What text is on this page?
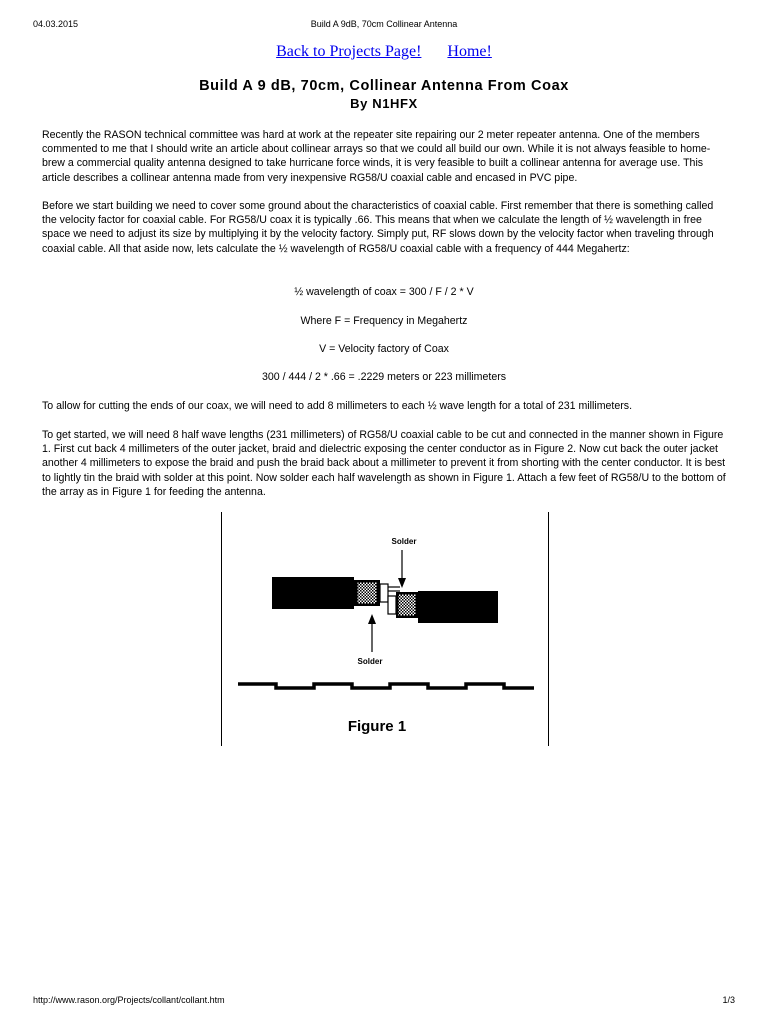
04.03.2015	Build A 9dB, 70cm Collinear Antenna
Back to Projects Page! Home!
Build A 9 dB, 70cm, Collinear Antenna From Coax
By N1HFX

Recently the RASON technical committee was hard at work at the repeater site repairing our 2 meter repeater antenna. One of the members commented to me that I should write an article about collinear arrays so that we could all build our own. While it is not always feasible to home-brew a commercial quality antenna designed to take hurricane force winds, it is very feasible to built a collinear antenna for average use. This article describes a collinear antenna made from very inexpensive RG58/U coaxial cable and encased in PVC pipe.

Before we start building we need to cover some ground about the characteristics of coaxial cable. First remember that there is something called the velocity factor for coaxial cable. For RG58/U coax it is typically .66. This means that when we calculate the length of ½ wavelength in free space we need to adjust its size by multiplying it by the velocity factory. Simply put, RF slows down by the velocity factor when traveling through coaxial cable. All that aside now, lets calculate the ½ wavelength of RG58/U coaxial cable with a frequency of 444 Megahertz:

½ wavelength of coax = 300 / F / 2 * V

Where F = Frequency in Megahertz

V = Velocity factory of Coax

300 / 444 / 2 * .66 = .2229 meters or 223 millimeters

To allow for cutting the ends of our coax, we will need to add 8 millimeters to each ½ wave length for a total of 231 millimeters.

To get started, we will need 8 half wave lengths (231 millimeters) of RG58/U coaxial cable to be cut and connected in the manner shown in Figure 1. First cut back 4 millimeters of the outer jacket, braid and dielectric exposing the center conductor as in Figure 2. Now cut back the outer jacket another 4 millimeters to expose the braid and push the braid back about a millimeter to prevent it from shorting with the center conductor. It is best to lightly tin the braid with solder at this point. Now solder each half wavelength as shown in Figure 1. Attach a few feet of RG58/U to the bottom of the array as in Figure 1 for feeding the antenna.

Solder
Solder
Figure 1
http://www.rason.org/Projects/collant/collant.htm	1/3
